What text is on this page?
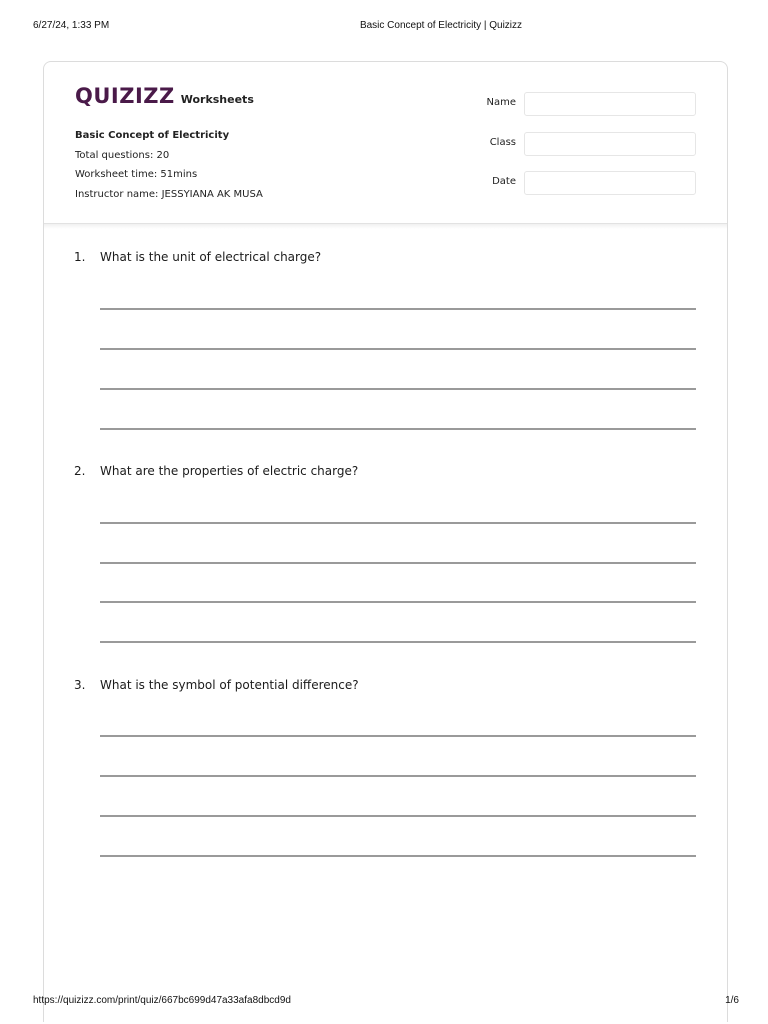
6/27/24, 1:33 PM	Basic Concept of Electricity | Quizizz
QUIZIZZ Worksheets
Basic Concept of Electricity
Total questions: 20
Worksheet time: 51mins
Instructor name: JESSYIANA AK MUSA
Name
Class
Date
1. What is the unit of electrical charge?
2. What are the properties of electric charge?
3. What is the symbol of potential difference?
https://quizizz.com/print/quiz/667bc699d47a33afa8dbcd9d	1/6
